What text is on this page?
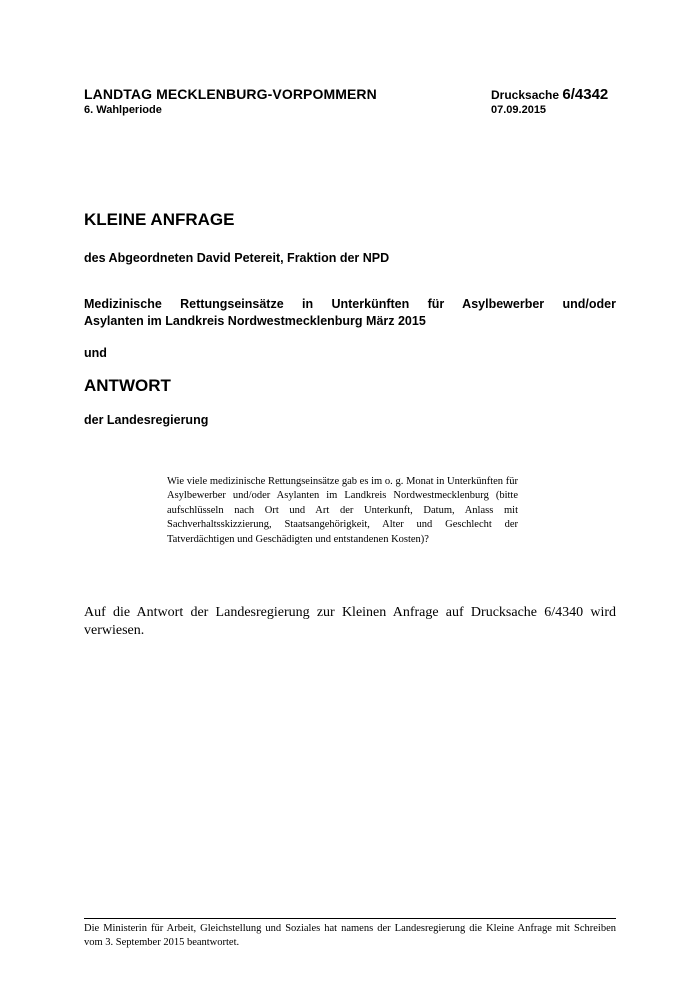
LANDTAG MECKLENBURG-VORPOMMERN	Drucksache 6/4342
6. Wahlperiode	07.09.2015
KLEINE ANFRAGE
des Abgeordneten David Petereit, Fraktion der NPD
Medizinische Rettungseinsätze in Unterkünften für Asylbewerber und/oder
Asylanten im Landkreis Nordwestmecklenburg März 2015
und
ANTWORT
der Landesregierung
Wie viele medizinische Rettungseinsätze gab es im o. g. Monat in Unterkünften für Asylbewerber und/oder Asylanten im Landkreis Nordwestmecklenburg (bitte aufschlüsseln nach Ort und Art der Unterkunft, Datum, Anlass mit Sachverhaltsskizzierung, Staatsangehörigkeit, Alter und Geschlecht der Tatverdächtigen und Geschädigten und entstandenen Kosten)?
Auf die Antwort der Landesregierung zur Kleinen Anfrage auf Drucksache 6/4340 wird verwiesen.
Die Ministerin für Arbeit, Gleichstellung und Soziales hat namens der Landesregierung die Kleine Anfrage mit Schreiben vom 3. September 2015 beantwortet.
